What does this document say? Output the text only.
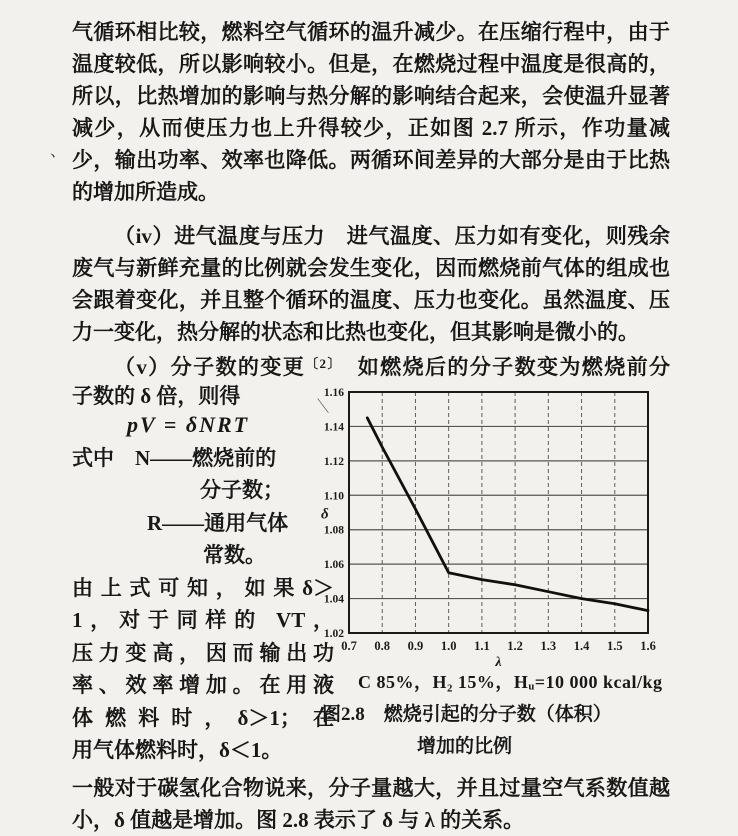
气循环相比较，燃料空气循环的温升减少。在压缩行程中，由于
温度较低，所以影响较小。但是，在燃烧过程中温度是很高的，
所以，比热增加的影响与热分解的影响结合起来，会使温升显著
减少，从而使压力也上升得较少，正如图 2.7 所示，作功量减
少，输出功率、效率也降低。两循环间差异的大部分是由于比热
的增加所造成。
（iv）进气温度与压力　进气温度、压力如有变化，则残余
废气与新鲜充量的比例就会发生变化，因而燃烧前气体的组成也
会跟着变化，并且整个循环的温度、压力也变化。虽然温度、压
力一变化，热分解的状态和比热也变化，但其影响是微小的。
（v）分子数的变更$^{〔2〕}$　如燃烧后的分子数变为燃烧前分
子数的 δ 倍，则得
pV = δNRT
式中　N——燃烧前的
分子数；
R——通用气体
常数。
由上式可知，如果δ＞
1，对于同样的 VT，
压力变高，因而输出功
率、效率增加。在用液
体燃料时，δ＞1；在
用气体燃料时，δ＜1。
0.7 0.8 0.9 1.0 1.1 1.2 1.3 1.4 1.5 1.6
1.02
1.04
1.06
1.08
1.10
1.12
1.14
1.16
δ
λ
C 85%，H₂ 15%，Hᵤ=10 000 kcal/kg
图2.8　燃烧引起的分子数（体积）
增加的比例
一般对于碳氢化合物说来，分子量越大，并且过量空气系数值越
小，δ 值越是增加。图 2.8 表示了 δ 与 λ 的关系。
、
＼
